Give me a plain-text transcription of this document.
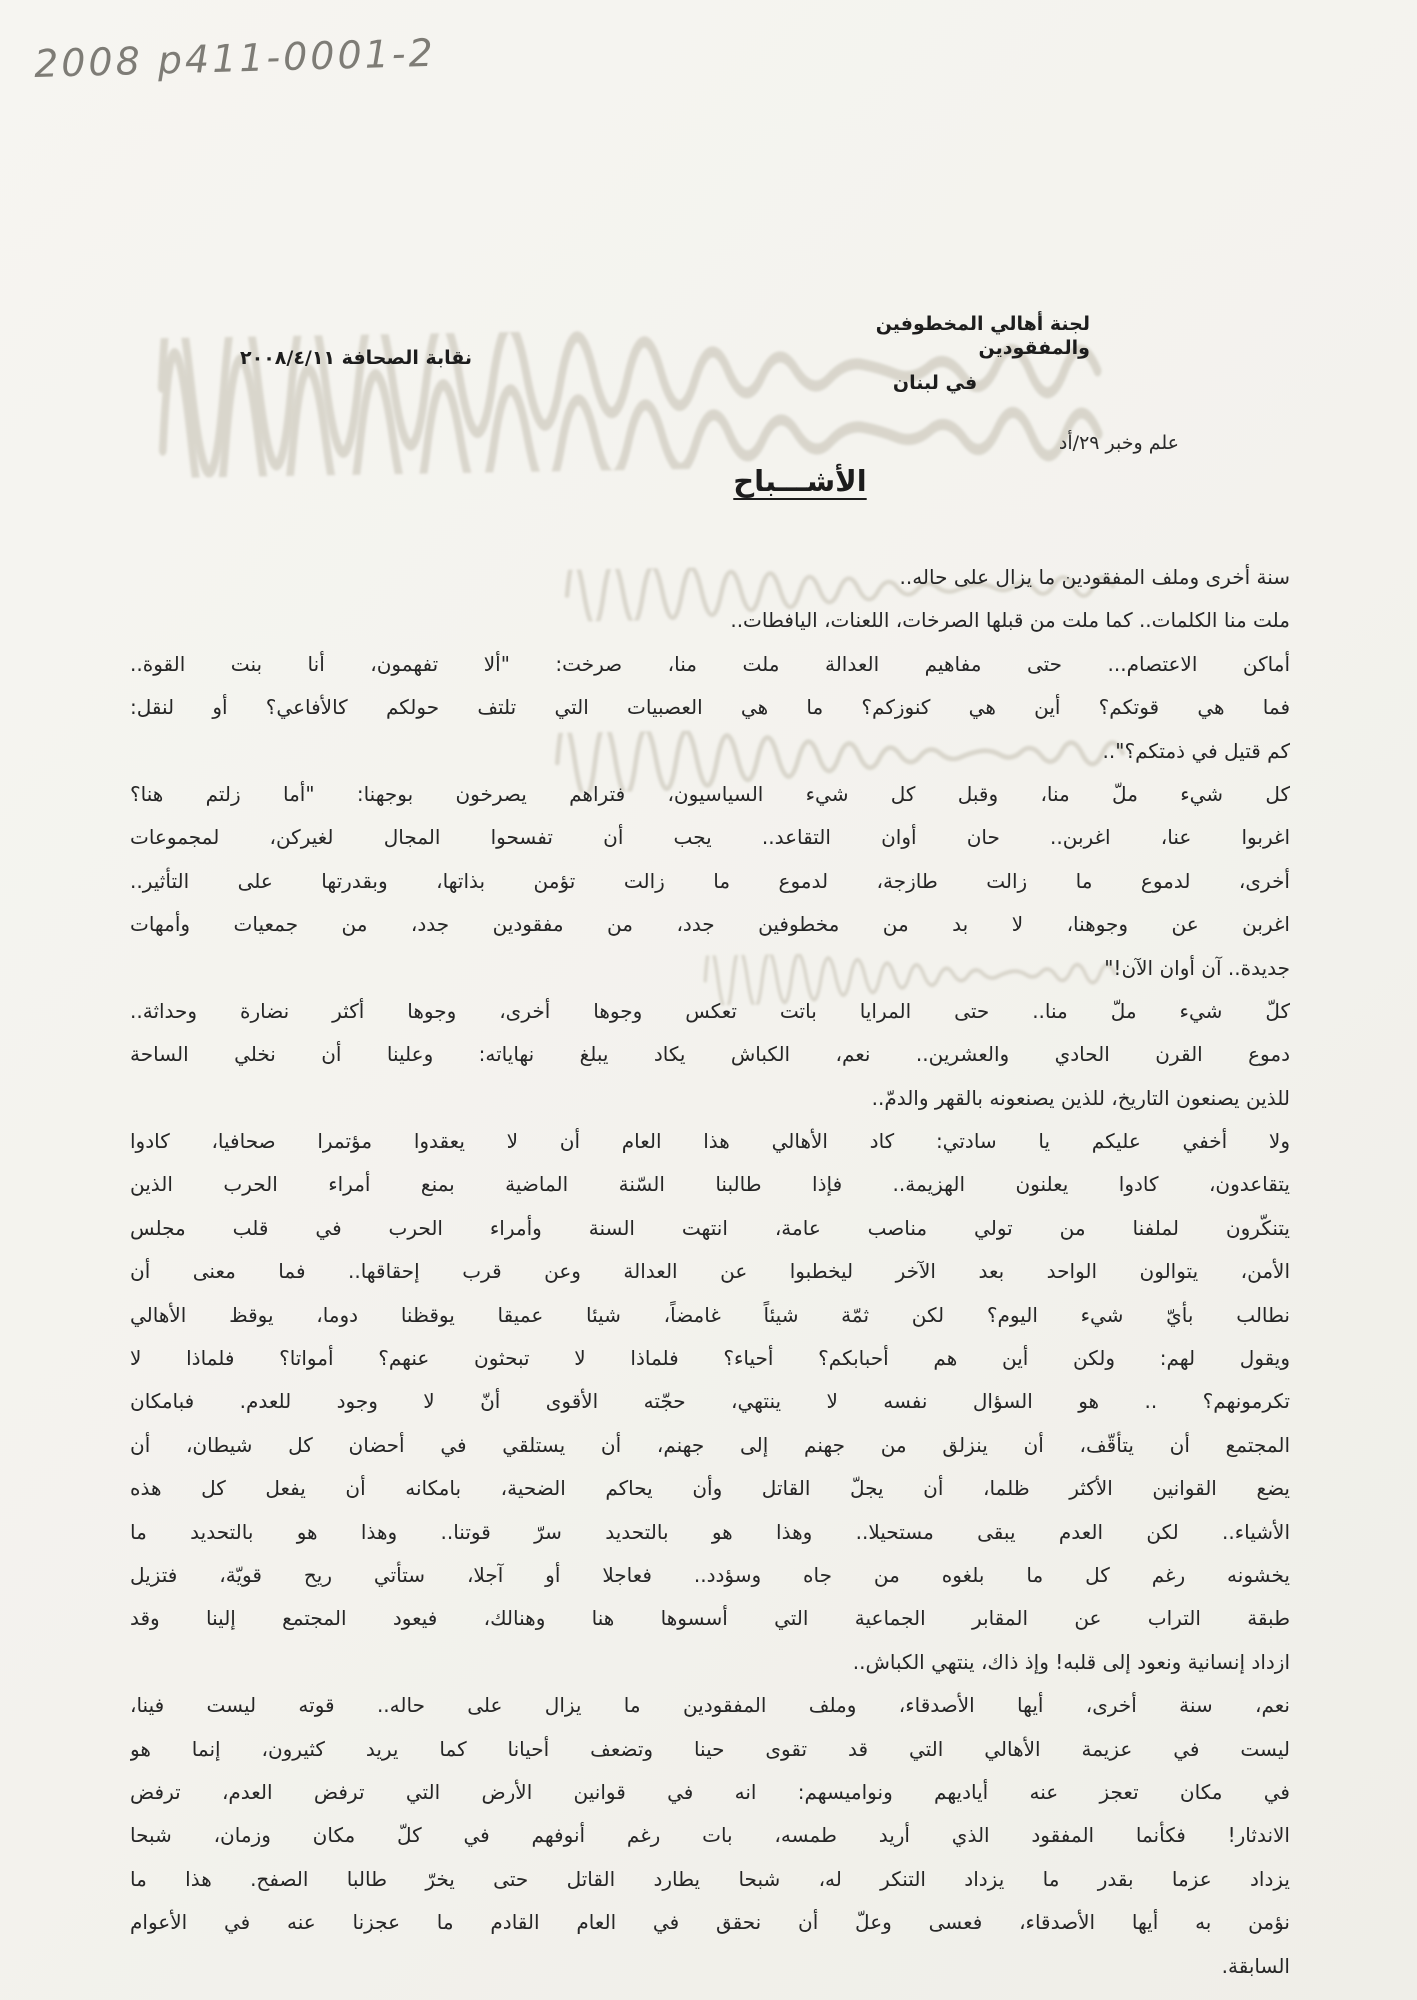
2008 p411-0001-2
لجنة أهالي المخطوفين والمفقودين
في لبنان
نقابة الصحافة ٢٠٠٨/٤/١١
علم وخبر ٢٩/أد
الأشـــباح
سنة أخرى وملف المفقودين ما يزال على حاله..
ملت منا الكلمات.. كما ملت من قبلها الصرخات، اللعنات، اليافطات..
أماكن الاعتصام... حتى مفاهيم العدالة ملت منا، صرخت: "ألا تفهمون، أنا بنت القوة..
فما هي قوتكم؟ أين هي كنوزكم؟ ما هي العصبيات التي تلتف حولكم كالأفاعي؟ أو لنقل:
كم قتيل في ذمتكم؟"..
كل شيء ملّ منا، وقبل كل شيء السياسيون، فتراهم يصرخون بوجهنا: "أما زلتم هنا؟
اغربوا عنا، اغربن.. حان أوان التقاعد.. يجب أن تفسحوا المجال لغيركن، لمجموعات
أخرى، لدموع ما زالت طازجة، لدموع ما زالت تؤمن بذاتها، وبقدرتها على التأثير..
اغربن عن وجوهنا، لا بد من مخطوفين جدد، من مفقودين جدد، من جمعيات وأمهات
جديدة.. آن أوان الآن!"
كلّ شيء ملّ منا.. حتى المرايا باتت تعكس وجوها أخرى، وجوها أكثر نضارة وحداثة..
دموع القرن الحادي والعشرين.. نعم، الكباش يكاد يبلغ نهاياته: وعلينا أن نخلي الساحة
للذين يصنعون التاريخ، للذين يصنعونه بالقهر والدمّ..
ولا أخفي عليكم يا سادتي: كاد الأهالي هذا العام أن لا يعقدوا مؤتمرا صحافيا، كادوا
يتقاعدون، كادوا يعلنون الهزيمة.. فإذا طالبنا السّنة الماضية بمنع أمراء الحرب الذين
يتنكّرون لملفنا من تولي مناصب عامة، انتهت السنة وأمراء الحرب في قلب مجلس
الأمن، يتوالون الواحد بعد الآخر ليخطبوا عن العدالة وعن قرب إحقاقها.. فما معنى أن
نطالب بأيّ شيء اليوم؟ لكن ثمّة شيئاً غامضاً، شيئا عميقا يوقظنا دوما، يوقظ الأهالي
ويقول لهم: ولكن أين هم أحبابكم؟ أحياء؟ فلماذا لا تبحثون عنهم؟ أمواتا؟ فلماذا لا
تكرمونهم؟ .. هو السؤال نفسه لا ينتهي، حجّته الأقوى أنّ لا وجود للعدم. فبامكان
المجتمع أن يتأقّف، أن ينزلق من جهنم إلى جهنم، أن يستلقي في أحضان كل شيطان، أن
يضع القوانين الأكثر ظلما، أن يجلّ القاتل وأن يحاكم الضحية، بامكانه أن يفعل كل هذه
الأشياء.. لكن العدم يبقى مستحيلا.. وهذا هو بالتحديد سرّ قوتنا.. وهذا هو بالتحديد ما
يخشونه رغم كل ما بلغوه من جاه وسؤدد.. فعاجلا أو آجلا، ستأتي ريح قويّة، فتزيل
طبقة التراب عن المقابر الجماعية التي أسسوها هنا وهنالك، فيعود المجتمع إلينا وقد
ازداد إنسانية ونعود إلى قلبه! وإذ ذاك، ينتهي الكباش..
نعم، سنة أخرى، أيها الأصدقاء، وملف المفقودين ما يزال على حاله.. قوته ليست فينا،
ليست في عزيمة الأهالي التي قد تقوى حينا وتضعف أحيانا كما يريد كثيرون، إنما هو
في مكان تعجز عنه أياديهم ونواميسهم: انه في قوانين الأرض التي ترفض العدم، ترفض
الاندثار! فكأنما المفقود الذي أريد طمسه، بات رغم أنوفهم في كلّ مكان وزمان، شبحا
يزداد عزما بقدر ما يزداد التنكر له، شبحا يطارد القاتل حتى يخرّ طالبا الصفح. هذا ما
نؤمن به أيها الأصدقاء، فعسى وعلّ أن نحقق في العام القادم ما عجزنا عنه في الأعوام
السابقة.
